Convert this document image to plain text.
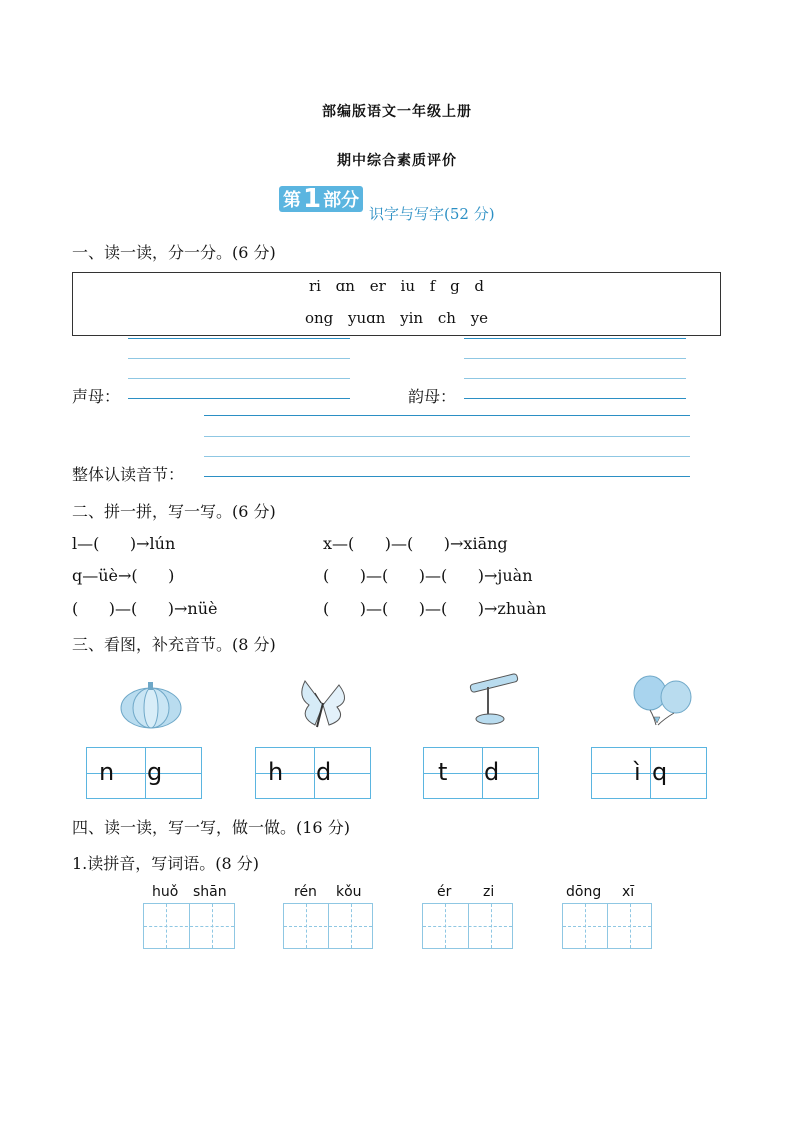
部编版语文一年级上册
期中综合素质评价
第 1 部分
识字与写字(52 分)
一、读一读，分一分。(6 分)
ri ɑn er iu f g d
ong yuɑn yin ch ye
声母：	韵母：
整体认读音节：
二、拼一拼，写一写。(6 分)
l—(      )→lún	x—(      )—(      )→xiāng
q—üè→(      )	(      )—(      )—(      )→juàn
(      )—(      )→nüè	(      )—(      )—(      )→zhuàn
三、看图，补充音节。(8 分)
n g	h d	t d	ì q
四、读一读，写一写，做一做。(16 分)
1.读拼音，写词语。(8 分)
huǒ shān	rén kǒu	ér zi	dōng xī
